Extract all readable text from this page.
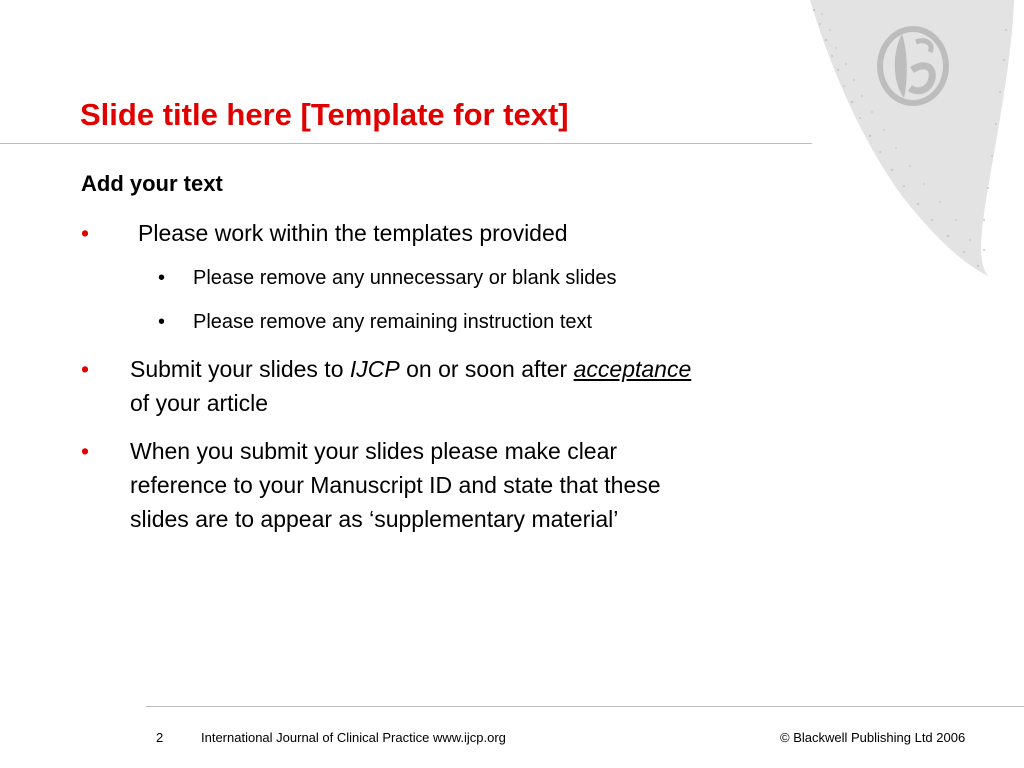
Slide title here [Template for text]
Add your text
•	Please work within the templates provided
•	Please remove any unnecessary or blank slides
•	Please remove any remaining instruction text
•	Submit your slides to IJCP on or soon after acceptance
of your article
•	When you submit your slides please make clear
reference to your Manuscript ID and state that these
slides are to appear as ‘supplementary material’
2	International Journal of Clinical Practice www.ijcp.org	© Blackwell Publishing Ltd 2006
